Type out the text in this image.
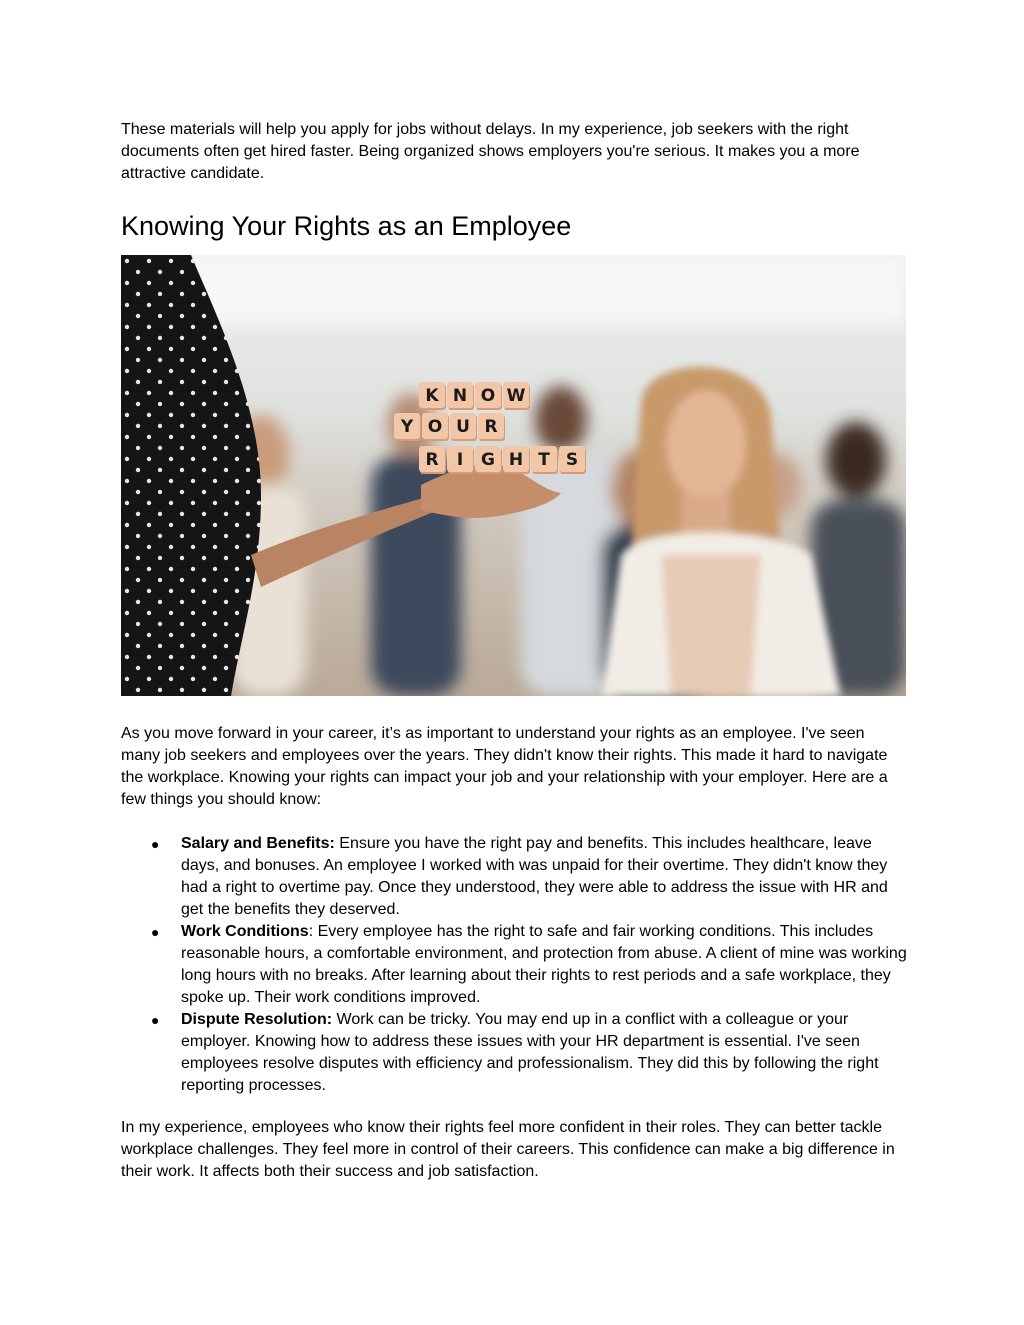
These materials will help you apply for jobs without delays. In my experience, job seekers with the right documents often get hired faster. Being organized shows employers you're serious. It makes you a more attractive candidate.

Knowing Your Rights as an Employee
K N O W
Y O U R
R I G H T S

As you move forward in your career, it’s as important to understand your rights as an employee. I've seen many job seekers and employees over the years. They didn't know their rights. This made it hard to navigate the workplace. Knowing your rights can impact your job and your relationship with your employer. Here are a few things you should know:

● Salary and Benefits: Ensure you have the right pay and benefits. This includes healthcare, leave days, and bonuses. An employee I worked with was unpaid for their overtime. They didn't know they had a right to overtime pay. Once they understood, they were able to address the issue with HR and get the benefits they deserved.
● Work Conditions: Every employee has the right to safe and fair working conditions. This includes reasonable hours, a comfortable environment, and protection from abuse. A client of mine was working long hours with no breaks. After learning about their rights to rest periods and a safe workplace, they spoke up. Their work conditions improved.
● Dispute Resolution: Work can be tricky. You may end up in a conflict with a colleague or your employer. Knowing how to address these issues with your HR department is essential. I've seen employees resolve disputes with efficiency and professionalism. They did this by following the right reporting processes.

In my experience, employees who know their rights feel more confident in their roles. They can better tackle workplace challenges. They feel more in control of their careers. This confidence can make a big difference in their work. It affects both their success and job satisfaction.
